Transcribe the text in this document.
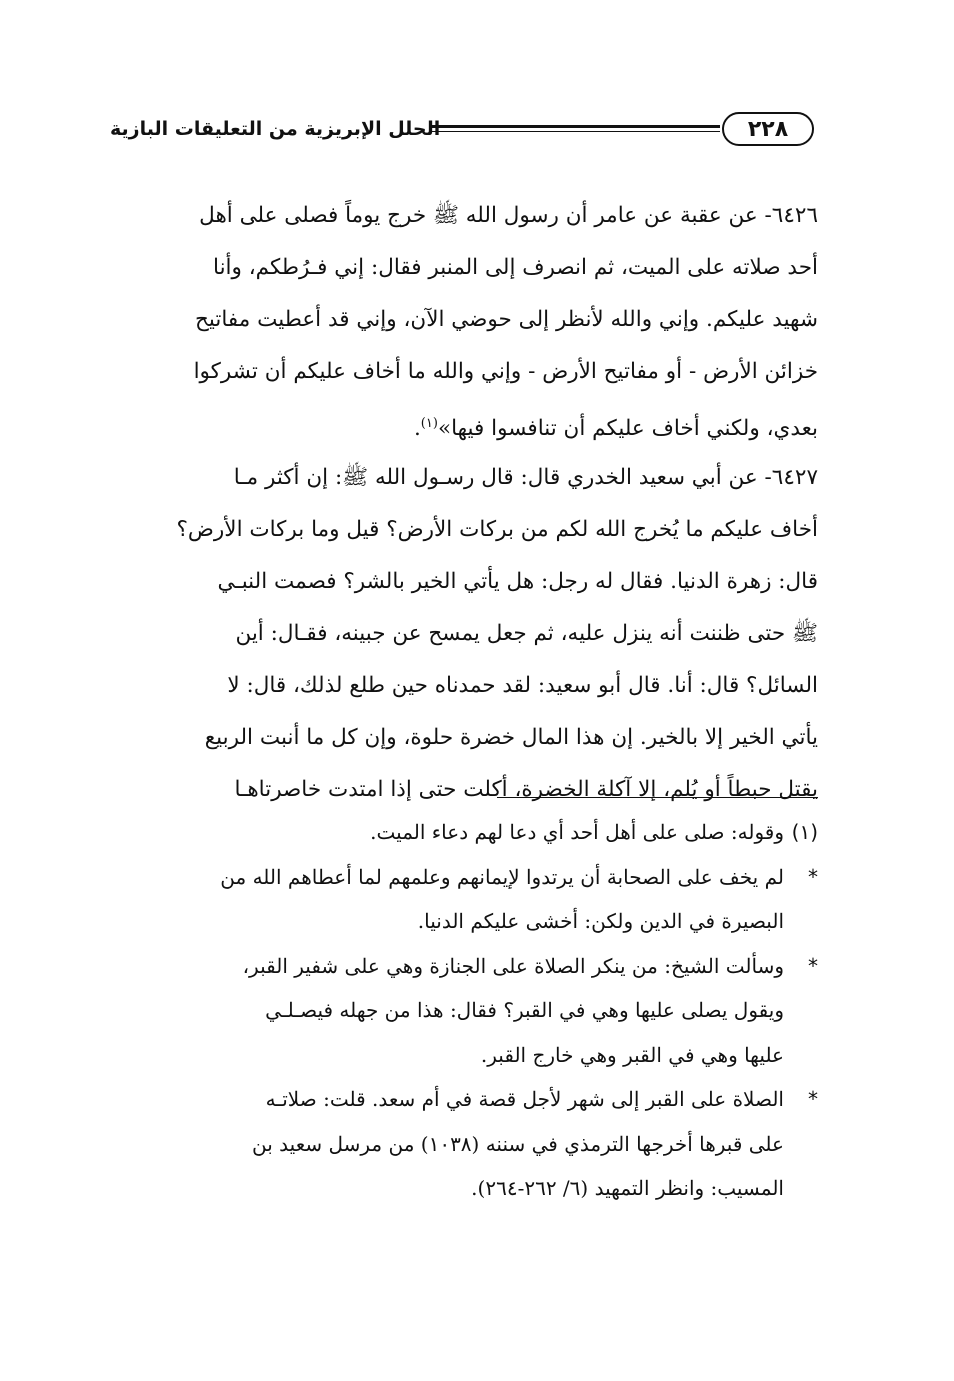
الحلل الإبريزية من التعليقات البازية	٢٢٨
٦٤٢٦- عن عقبة عن عامر أن رسول الله ﷺ خرج يوماً فصلى على أهل
أحد صلاته على الميت، ثم انصرف إلى المنبر فقال: إني فـرُطكم، وأنا
شهيد عليكم. وإني والله لأنظر إلى حوضي الآن، وإني قد أعطيت مفاتيح
خزائن الأرض - أو مفاتيح الأرض - وإني والله ما أخاف عليكم أن تشركوا
بعدي، ولكني أخاف عليكم أن تنافسوا فيها»$^{(١)}$.
٦٤٢٧- عن أبي سعيد الخدري قال: قال رسـول الله ﷺ: إن أكثر مـا
أخاف عليكم ما يُخرج الله لكم من بركات الأرض؟ قيل وما بركات الأرض؟
قال: زهرة الدنيا. فقال له رجل: هل يأتي الخير بالشر؟ فصمت النبـي
ﷺ حتى ظننت أنه ينزل عليه، ثم جعل يمسح عن جبينه، فقـال: أين
السائل؟ قال: أنا. قال أبو سعيد: لقد حمدناه حين طلع لذلك، قال: لا
يأتي الخير إلا بالخير. إن هذا المال خضرة حلوة، وإن كل ما أنبت الربيع
يقتل حبطاً أو يُلم، إلا آكلة الخضرة، أكلت حتى إذا امتدت خاصرتاهـا
(١)
وقوله: صلى على أهل أحد أي دعا لهم دعاء الميت.
*
لم يخف على الصحابة أن يرتدوا لإيمانهم وعلمهم لما أعطاهم الله من
البصيرة في الدين ولكن: أخشى عليكم الدنيا.
*
وسألت الشيخ: من ينكر الصلاة على الجنازة وهي على شفير القبر،
ويقول يصلى عليها وهي في القبر؟ فقال: هذا من جهله فيصـلـي
عليها وهي في القبر وهي خارج القبر.
*
الصلاة على القبر إلى شهر لأجل قصة في أم سعد. قلت: صلاتـه
على قبرها أخرجها الترمذي في سننه (١٠٣٨) من مرسل سعيد بن
المسيب: وانظر التمهيد (٦/ ٢٦٢-٢٦٤).
